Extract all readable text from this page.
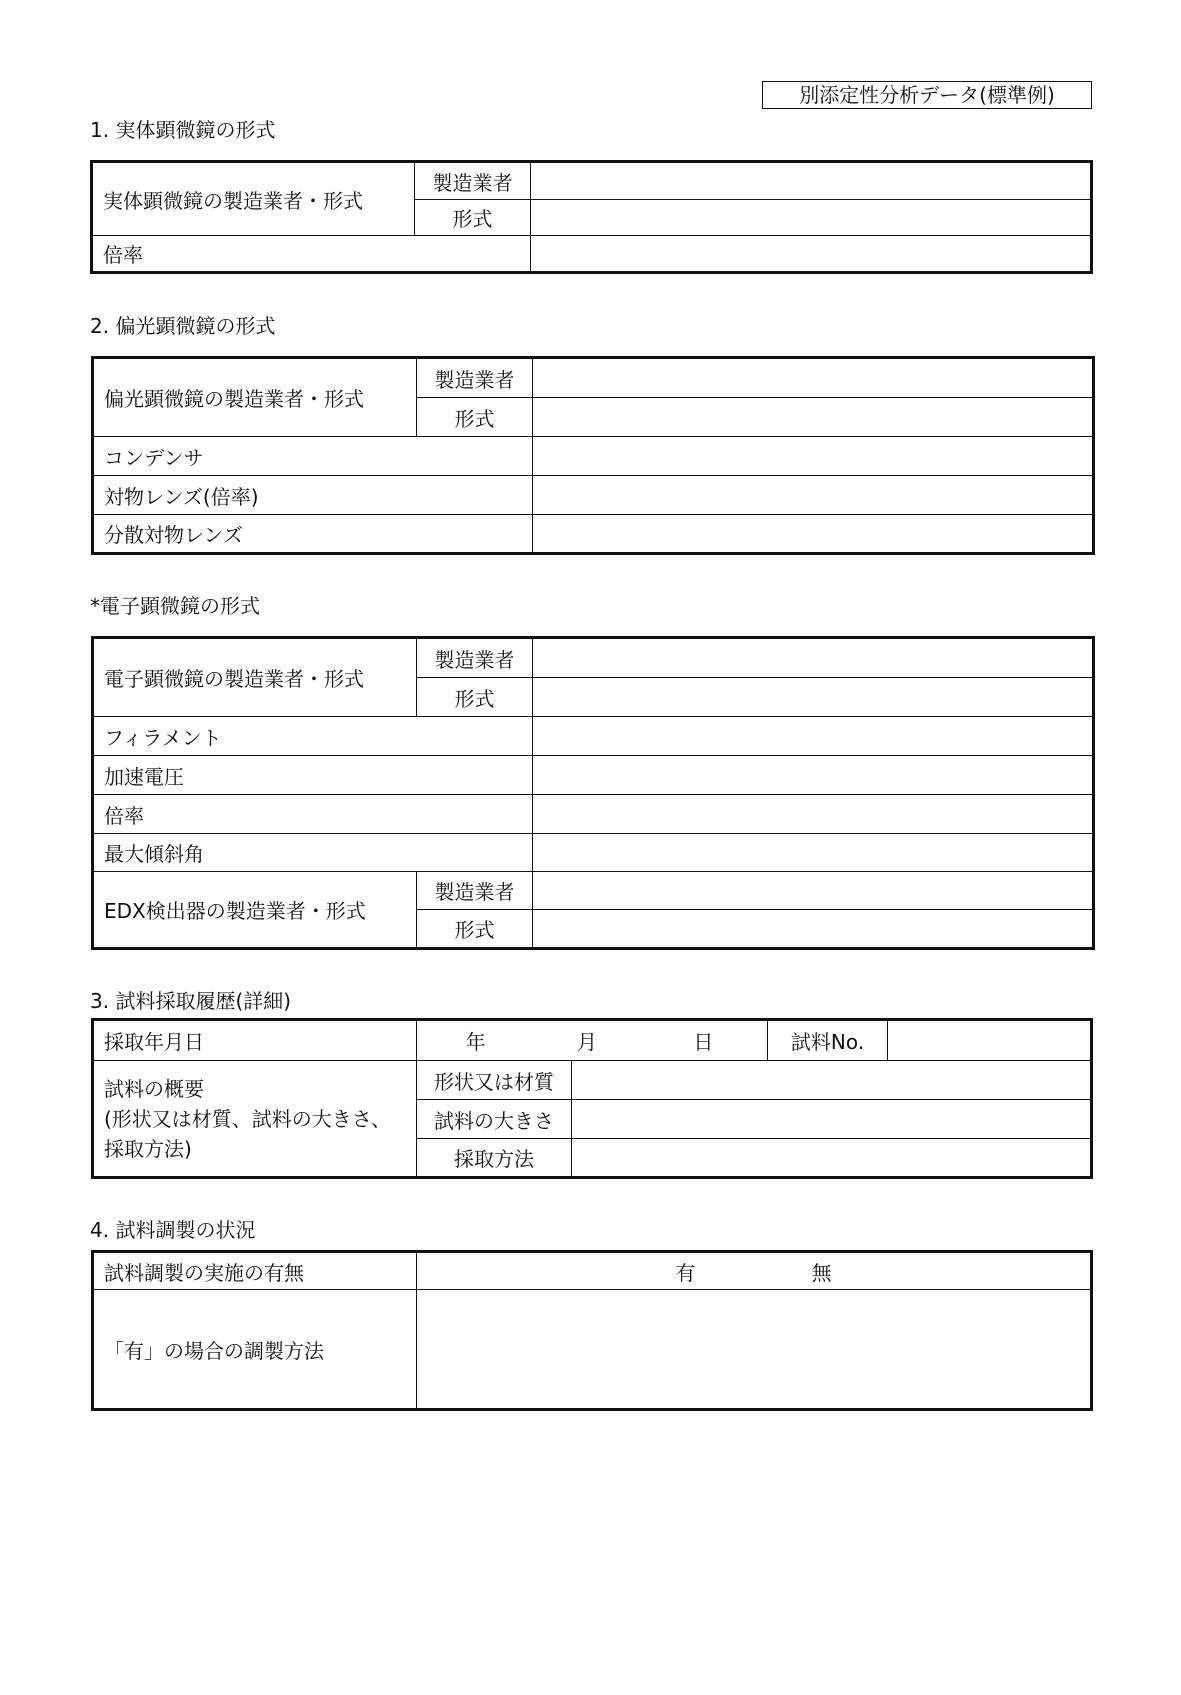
別添定性分析データ(標準例)
1. 実体顕微鏡の形式
実体顕微鏡の製造業者・形式	製造業者	
	形式	
倍率		
2. 偏光顕微鏡の形式
偏光顕微鏡の製造業者・形式	製造業者	
	形式	
コンデンサ		
対物レンズ(倍率)		
分散対物レンズ		
*電子顕微鏡の形式
電子顕微鏡の製造業者・形式	製造業者	
	形式	
フィラメント		
加速電圧		
倍率		
最大傾斜角		
EDX検出器の製造業者・形式	製造業者	
	形式	
3. 試料採取履歴(詳細)
採取年月日	年 月 日		試料No.	

試料の概要
(形状又は材質、試料の大きさ、
採取方法)	形状又は材質			
	試料の大きさ			
	採取方法			
4. 試料調製の状況
試料調製の実施の有無	有 無
「有」の場合の調製方法	
